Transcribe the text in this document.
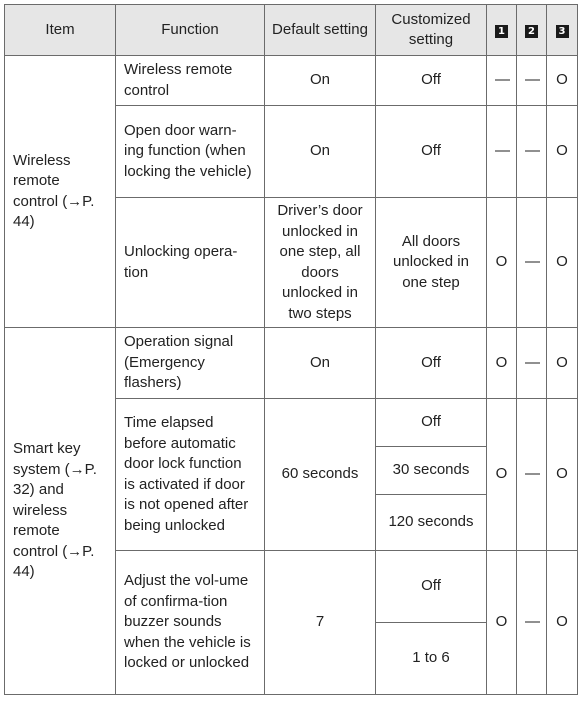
Item	Function	Default setting	Customized setting	1	2	3
Wireless remote control (→P. 44)	Wireless remote control	On	Off	—	—	O
	Open door warn-ing function (when locking the vehicle)	On	Off	—	—	O
	Unlocking opera-tion	Driver’s door unlocked in one step, all doors unlocked in two steps	All doors unlocked in one step	O	—	O
Smart key system (→P. 32) and wireless remote control (→P. 44)	Operation signal (Emergency flashers)	On	Off	O	—	O
	Time elapsed before automatic door lock function is activated if door is not opened after being unlocked	60 seconds	Off	O	—	O
			30 seconds			
			120 seconds			
	Adjust the vol-ume of confirma-tion buzzer sounds when the vehicle is locked or unlocked	7	Off	O	—	O
			1 to 6			
